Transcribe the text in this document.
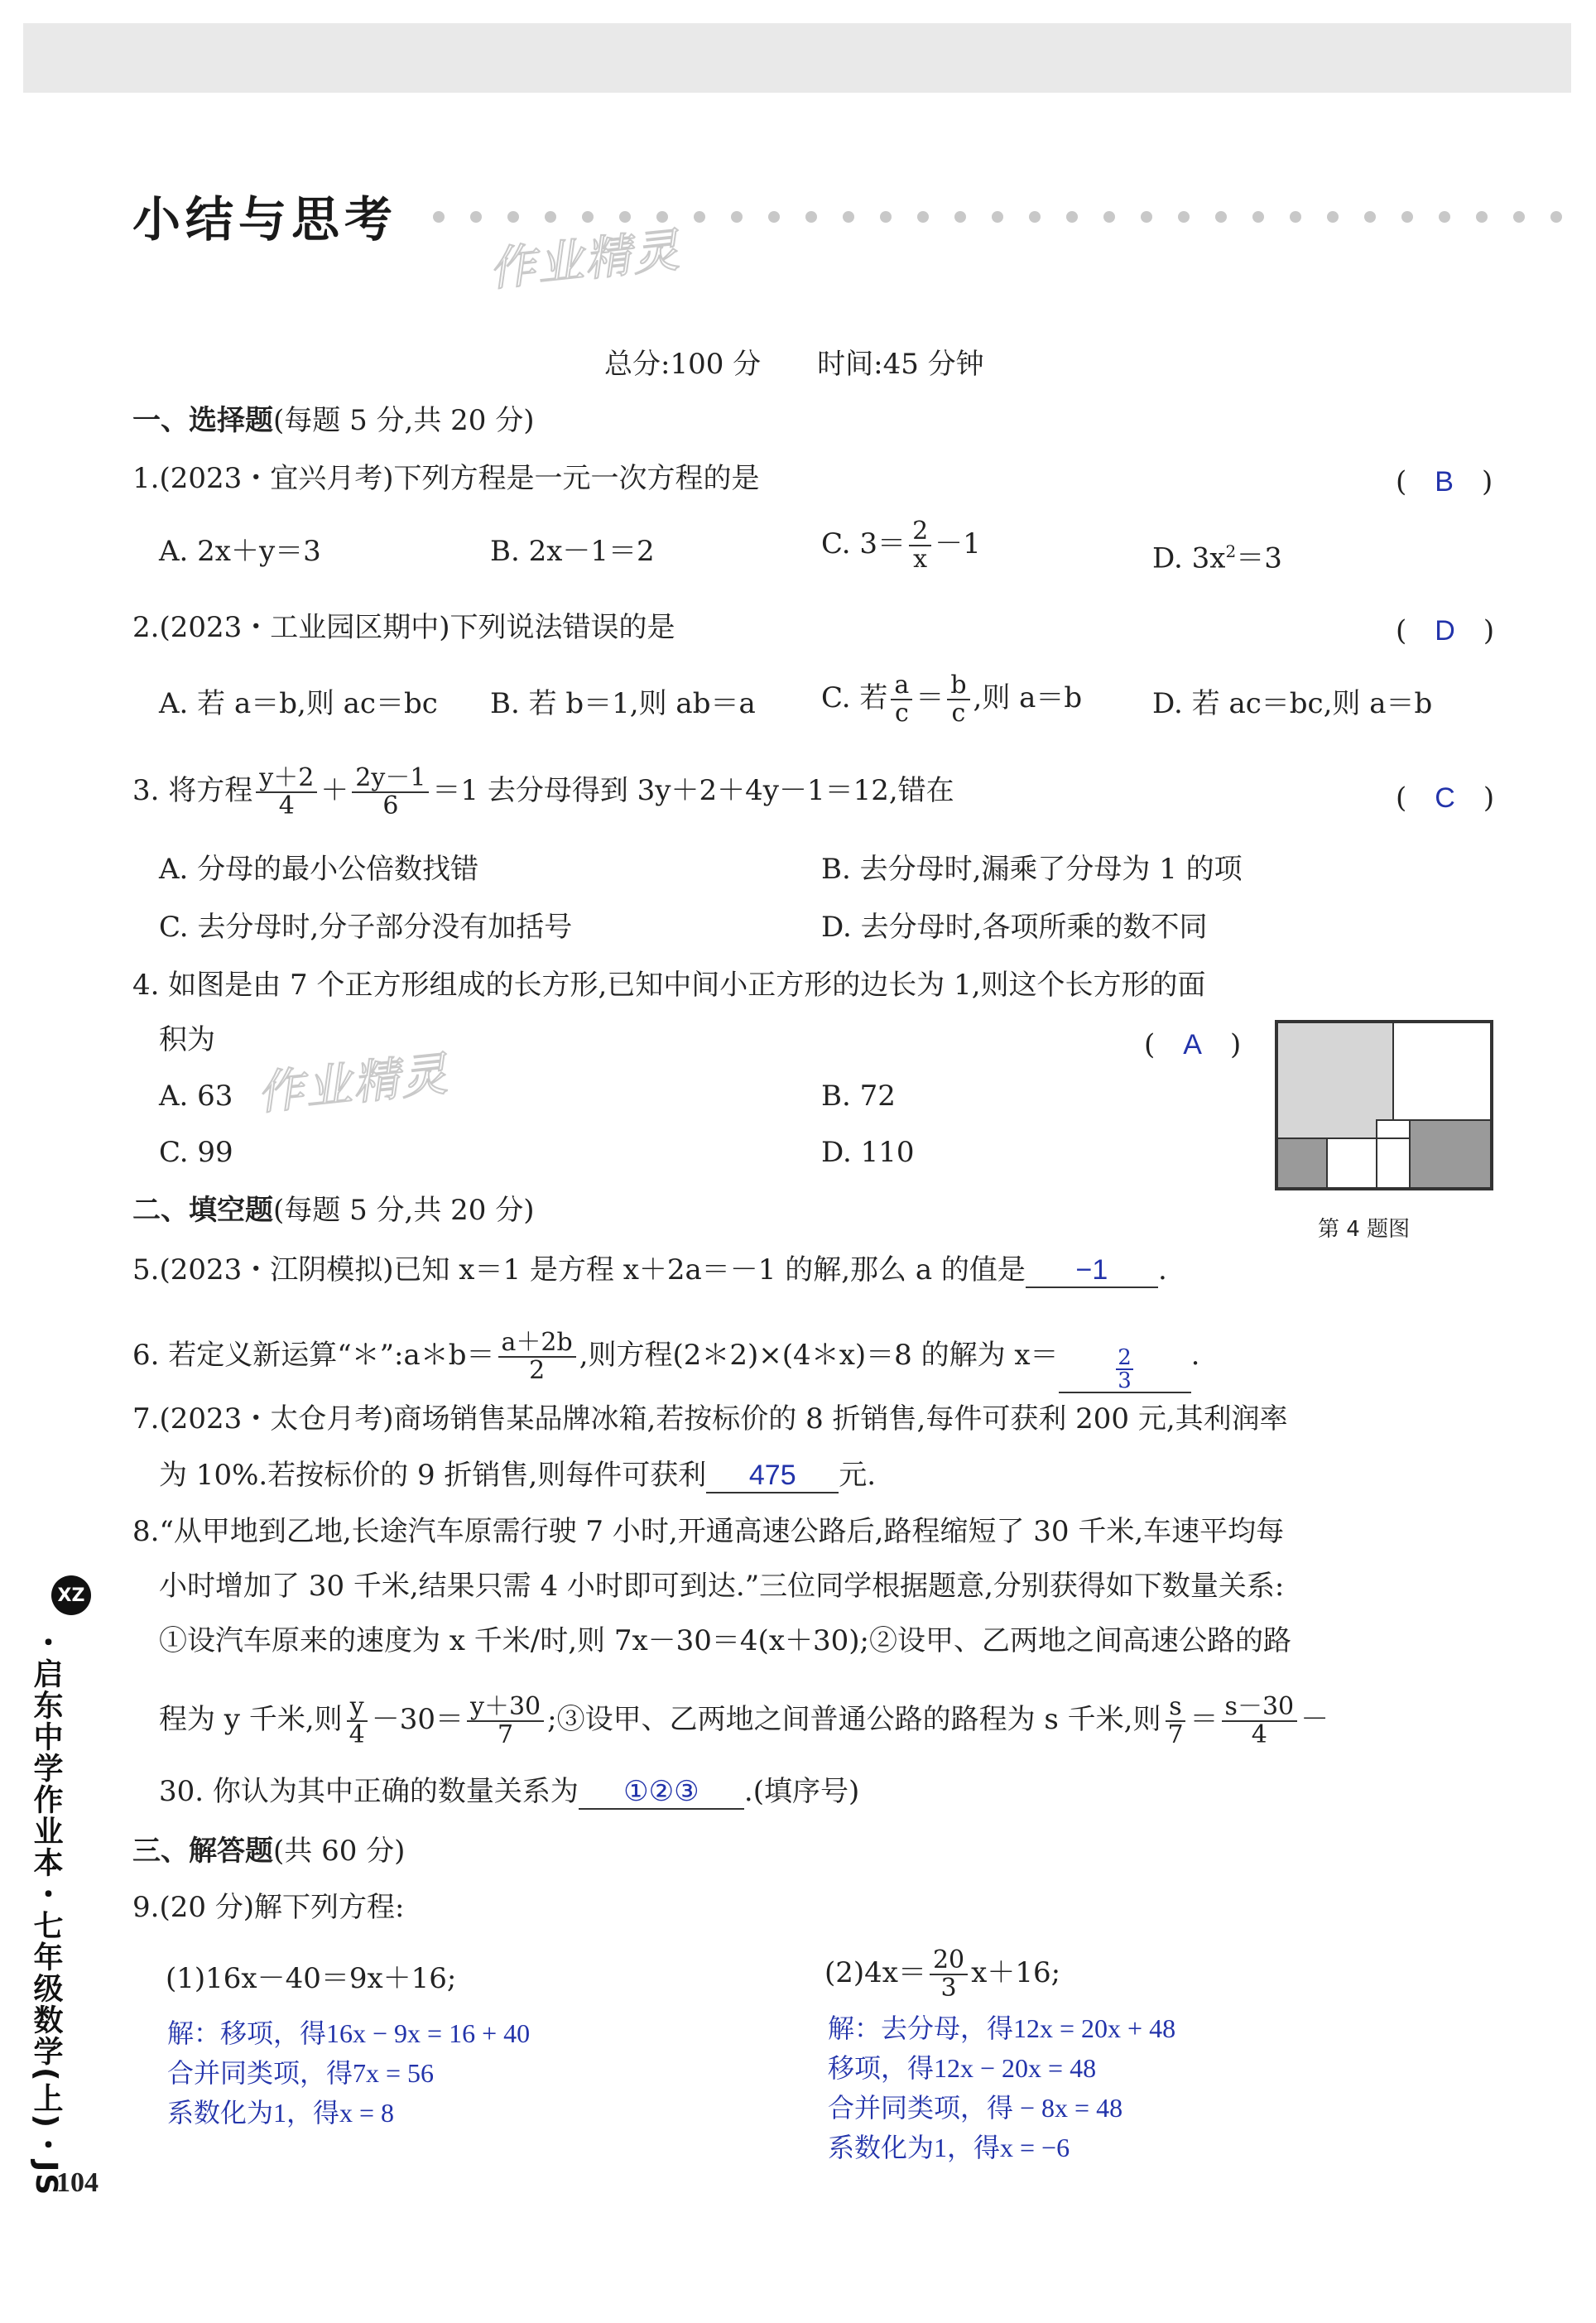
小结与思考
作业精灵
作业精灵
总分:100 分　　时间:45 分钟
一、选择题(每题 5 分,共 20 分)
1.(2023・宜兴月考)下列方程是一元一次方程的是	(　B　)
A. 2x＋y＝3	B. 2x－1＝2	C. $3= \frac{2}{x} -1$	D. $3x^2=3$
2.(2023・工业园区期中)下列说法错误的是	(　D　)
A. 若 a＝b,则 ac＝bc B. 若 b＝1,则 ab＝a C. 若 $\frac{a}{c} = \frac{b}{c}$ ,则 a＝b D. 若 ac＝bc,则 a＝b
3. 将方程 $\frac{y+2}{4} + \frac{2y-1}{6} =1$ 去分母得到 3y＋2＋4y－1＝12,错在	(　C　)
A. 分母的最小公倍数找错	B. 去分母时,漏乘了分母为 1 的项
C. 去分母时,分子部分没有加括号	D. 去分母时,各项所乘的数不同
4. 如图是由 7 个正方形组成的长方形,已知中间小正方形的边长为 1,则这个长方形的面
积为	(　A　)
A. 63	B. 72
C. 99	D. 110
第 4 题图
二、填空题(每题 5 分,共 20 分)
5.(2023・江阴模拟)已知 x＝1 是方程 x＋2a＝－1 的解,那么 a 的值是 −1 .
6. 若定义新运算“＊”:a＊b＝ $\frac{a+2b}{2}$ ,则方程(2＊2)×(4＊x)＝8 的解为 x＝	$\frac{2}{3}$ .
7.(2023・太仓月考)商场销售某品牌冰箱,若按标价的 8 折销售,每件可获利 200 元,其利润率
为 10%.若按标价的 9 折销售,则每件可获利 475 元.
8.“从甲地到乙地,长途汽车原需行驶 7 小时,开通高速公路后,路程缩短了 30 千米,车速平均每
小时增加了 30 千米,结果只需 4 小时即可到达.”三位同学根据题意,分别获得如下数量关系:
①设汽车原来的速度为 x 千米/时,则 7x－30＝4(x＋30);②设甲、乙两地之间高速公路的路
程为 y 千米,则 $\frac{y}{4} -30= \frac{y+30}{7}$ ;③设甲、乙两地之间普通公路的路程为 s 千米,则 $\frac{s}{7} = \frac{s-30}{4}$ －
30. 你认为其中正确的数量关系为 ①②③ .(填序号)
三、解答题(共 60 分)
9.(20 分)解下列方程:
(1)16x－40＝9x＋16;	$(2)4x= \frac{20}{3} x+16$;
解：移项，得16x − 9x = 16 + 40
合并同类项，得7x = 56
系数化为1，得x = 8
解：去分母，得12x = 20x + 48
移项，得12x − 20x = 48
合并同类项，得 − 8x = 48
系数化为1，得x = −6
XZ
・启东中学作业本・七年级数学(上)・JS
104
